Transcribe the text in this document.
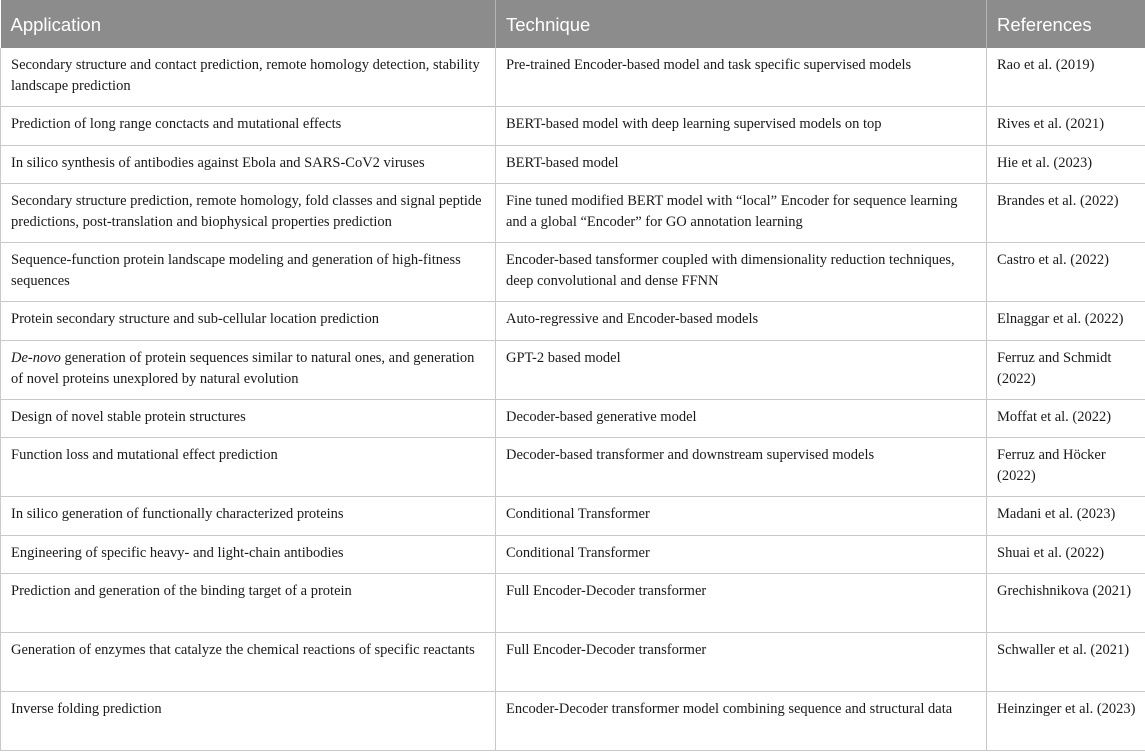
Application	Technique	References
Secondary structure and contact prediction, remote homology detection, stability landscape prediction	Pre-trained Encoder-based model and task specific supervised models	Rao et al. (2019)
Prediction of long range conctacts and mutational effects	BERT-based model with deep learning supervised models on top	Rives et al. (2021)
In silico synthesis of antibodies against Ebola and SARS-CoV2 viruses	BERT-based model	Hie et al. (2023)
Secondary structure prediction, remote homology, fold classes and signal peptide predictions, post-translation and biophysical properties prediction	Fine tuned modified BERT model with “local” Encoder for sequence learning and a global “Encoder” for GO annotation learning	Brandes et al. (2022)
Sequence-function protein landscape modeling and generation of high-fitness sequences	Encoder-based tansformer coupled with dimensionality reduction techniques, deep convolutional and dense FFNN	Castro et al. (2022)
Protein secondary structure and sub-cellular location prediction	Auto-regressive and Encoder-based models	Elnaggar et al. (2022)
De-novo generation of protein sequences similar to natural ones, and generation of novel proteins unexplored by natural evolution	GPT-2 based model	Ferruz and Schmidt (2022)
Design of novel stable protein structures	Decoder-based generative model	Moffat et al. (2022)
Function loss and mutational effect prediction	Decoder-based transformer and downstream supervised models	Ferruz and Höcker (2022)
In silico generation of functionally characterized proteins	Conditional Transformer	Madani et al. (2023)
Engineering of specific heavy- and light-chain antibodies	Conditional Transformer	Shuai et al. (2022)
Prediction and generation of the binding target of a protein	Full Encoder-Decoder transformer	Grechishnikova (2021)
Generation of enzymes that catalyze the chemical reactions of specific reactants	Full Encoder-Decoder transformer	Schwaller et al. (2021)
Inverse folding prediction	Encoder-Decoder transformer model combining sequence and structural data	Heinzinger et al. (2023)
